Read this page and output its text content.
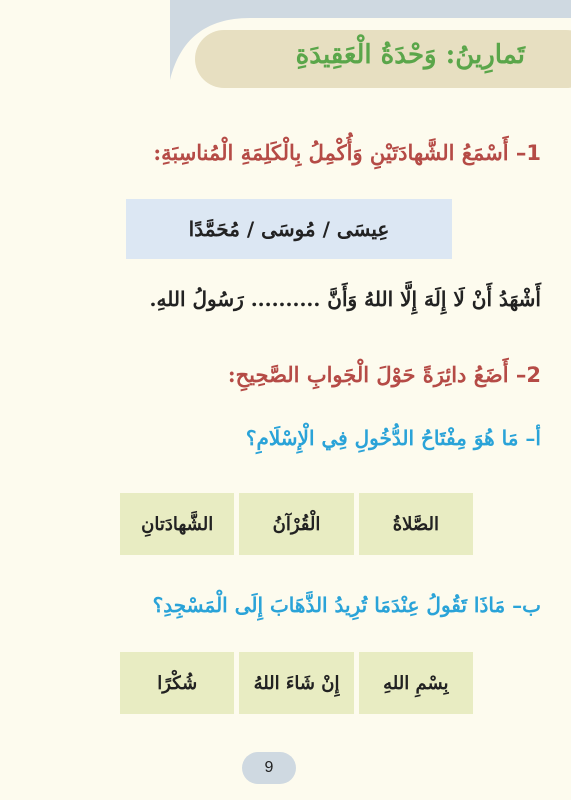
تَمارِينُ: وَحْدَةُ الْعَقِيدَةِ
1– أَسْمَعُ الشَّهادَتَيْنِ وَأُكْمِلُ بِالْكَلِمَةِ الْمُناسِبَةِ:
عِيسَى / مُوسَى / مُحَمَّدًا
أَشْهَدُ أَنْ لَا إِلَهَ إِلَّا اللهُ وَأَنَّ .......... رَسُولُ اللهِ.
2– أَضَعُ دائِرَةً حَوْلَ الْجَوابِ الصَّحِيحِ:
أ– مَا هُوَ مِفْتَاحُ الدُّخُولِ فِي الْإِسْلَامِ؟
الصَّلاةُ
الْقُرْآنُ
الشَّهادَتانِ
ب– مَاذَا تَقُولُ عِنْدَمَا تُرِيدُ الذَّهَابَ إِلَى الْمَسْجِدِ؟
بِسْمِ اللهِ
إِنْ شَاءَ اللهُ
شُكْرًا
9
